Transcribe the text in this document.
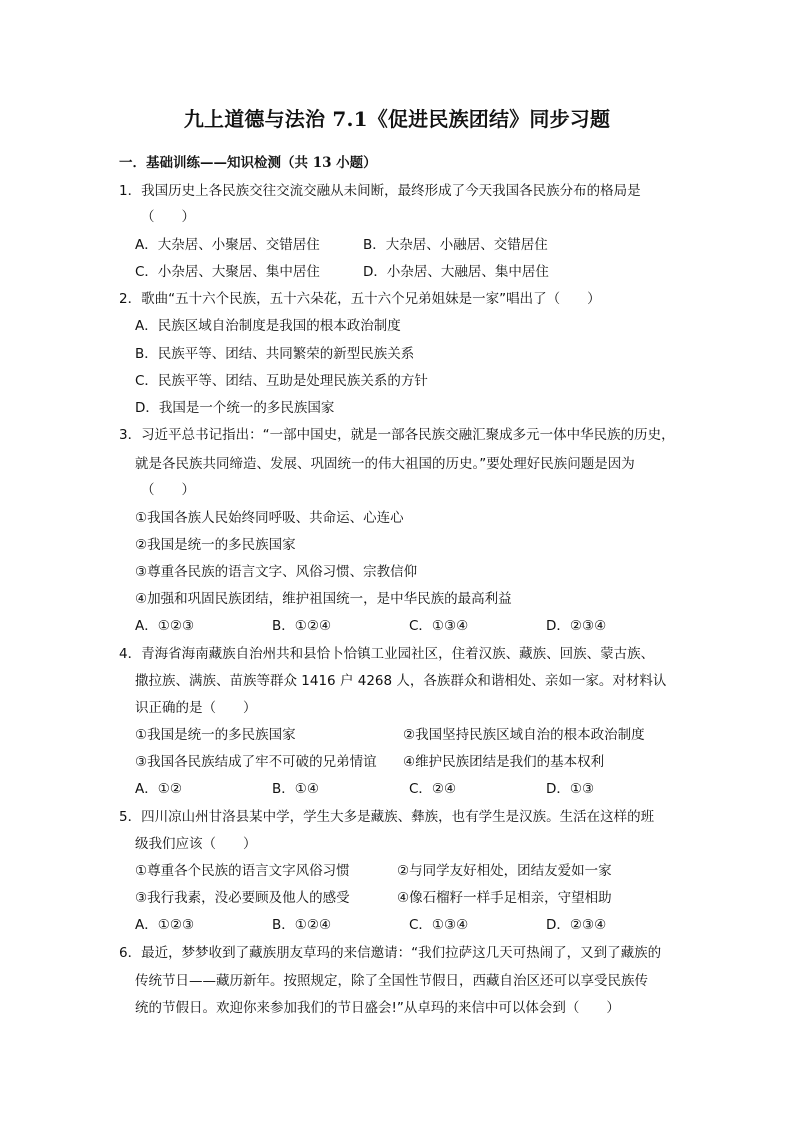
九上道德与法治 7.1《促进民族团结》同步习题
一．基础训练——知识检测（共 13 小题）
1．我国历史上各民族交往交流交融从未间断，最终形成了今天我国各民族分布的格局是
（　　）
A．大杂居、小聚居、交错居住	B．大杂居、小融居、交错居住
C．小杂居、大聚居、集中居住	D．小杂居、大融居、集中居住
2．歌曲“五十六个民族，五十六朵花，五十六个兄弟姐妹是一家”唱出了（　　）
A．民族区域自治制度是我国的根本政治制度
B．民族平等、团结、共同繁荣的新型民族关系
C．民族平等、团结、互助是处理民族关系的方针
D．我国是一个统一的多民族国家
3．习近平总书记指出：“一部中国史，就是一部各民族交融汇聚成多元一体中华民族的历史，
就是各民族共同缔造、发展、巩固统一的伟大祖国的历史。”要处理好民族问题是因为
（　　）
①我国各族人民始终同呼吸、共命运、心连心
②我国是统一的多民族国家
③尊重各民族的语言文字、风俗习惯、宗教信仰
④加强和巩固民族团结，维护祖国统一，是中华民族的最高利益
A．①②③	B．①②④	C．①③④	D．②③④
4．青海省海南藏族自治州共和县恰卜恰镇工业园社区，住着汉族、藏族、回族、蒙古族、
撒拉族、满族、苗族等群众 1416 户 4268 人，各族群众和谐相处、亲如一家。对材料认
识正确的是（　　）
①我国是统一的多民族国家	②我国坚持民族区域自治的根本政治制度
③我国各民族结成了牢不可破的兄弟情谊 ④维护民族团结是我们的基本权利
A．①②	B．①④	C．②④	D．①③
5．四川凉山州甘洛县某中学，学生大多是藏族、彝族，也有学生是汉族。生活在这样的班
级我们应该（　　）
①尊重各个民族的语言文字风俗习惯	②与同学友好相处，团结友爱如一家
③我行我素，没必要顾及他人的感受	④像石榴籽一样手足相亲，守望相助
A．①②③	B．①②④	C．①③④	D．②③④
6．最近，梦梦收到了藏族朋友草玛的来信邀请：“我们拉萨这几天可热闹了，又到了藏族的
传统节日——藏历新年。按照规定，除了全国性节假日，西藏自治区还可以享受民族传
统的节假日。欢迎你来参加我们的节日盛会!”从卓玛的来信中可以体会到（　　）
